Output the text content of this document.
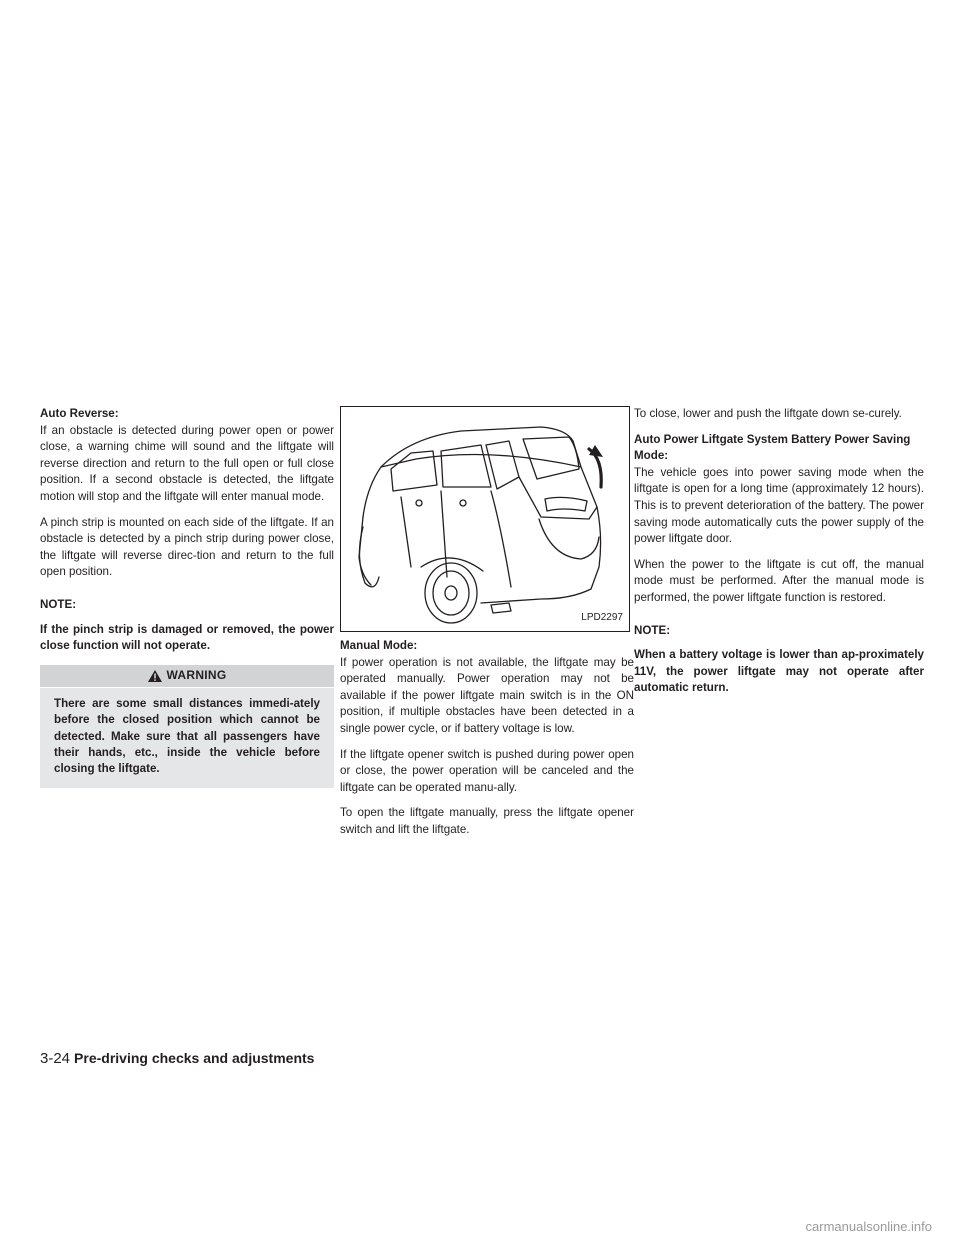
Auto Reverse:

If an obstacle is detected during power open or power close, a warning chime will sound and the liftgate will reverse direction and return to the full open or full close position. If a second obstacle is detected, the liftgate motion will stop and the liftgate will enter manual mode.

A pinch strip is mounted on each side of the liftgate. If an obstacle is detected by a pinch strip during power close, the liftgate will reverse direc-tion and return to the full open position.

NOTE:

If the pinch strip is damaged or removed, the power close function will not operate.

WARNING
There are some small distances immedi-ately before the closed position which cannot be detected. Make sure that all passengers have their hands, etc., inside the vehicle before closing the liftgate.
LPD2297
Manual Mode:

If power operation is not available, the liftgate may be operated manually. Power operation may not be available if the power liftgate main switch is in the ON position, if multiple obstacles have been detected in a single power cycle, or if battery voltage is low.

If the liftgate opener switch is pushed during power open or close, the power operation will be canceled and the liftgate can be operated manu-ally.

To open the liftgate manually, press the liftgate opener switch and lift the liftgate.

To close, lower and push the liftgate down se-curely.

Auto Power Liftgate System Battery Power Saving Mode:

The vehicle goes into power saving mode when the liftgate is open for a long time (approximately 12 hours). This is to prevent deterioration of the battery. The power saving mode automatically cuts the power supply of the power liftgate door.

When the power to the liftgate is cut off, the manual mode must be performed. After the manual mode is performed, the power liftgate function is restored.

NOTE:

When a battery voltage is lower than ap-proximately 11V, the power liftgate may not operate after automatic return.

3-24 Pre-driving checks and adjustments
carmanualsonline.info
